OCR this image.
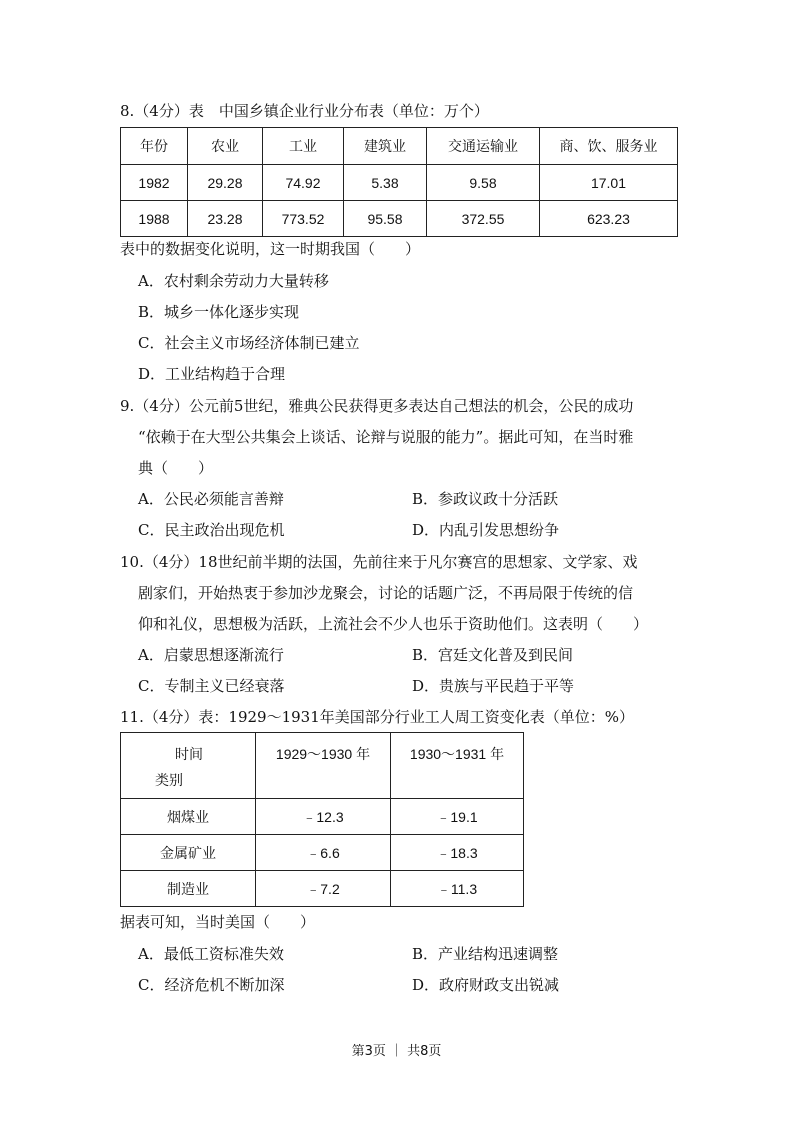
8.（4分）表　中国乡镇企业行业分布表（单位：万个）
年份	农业	工业	建筑业	交通运输业	商、饮、服务业
1982	29.28	74.92	5.38	9.58	17.01
1988	23.28	773.52	95.58	372.55	623.23
表中的数据变化说明，这一时期我国（　　）
A．农村剩余劳动力大量转移
B．城乡一体化逐步实现
C．社会主义市场经济体制已建立
D．工业结构趋于合理
9.（4分）公元前5世纪，雅典公民获得更多表达自己想法的机会，公民的成功
“依赖于在大型公共集会上谈话、论辩与说服的能力”。据此可知，在当时雅
典（　　）
A．公民必须能言善辩	B．参政议政十分活跃
C．民主政治出现危机	D．内乱引发思想纷争
10.（4分）18世纪前半期的法国，先前往来于凡尔赛宫的思想家、文学家、戏
剧家们，开始热衷于参加沙龙聚会，讨论的话题广泛，不再局限于传统的信
仰和礼仪，思想极为活跃，上流社会不少人也乐于资助他们。这表明（　　）
A．启蒙思想逐渐流行	B．宫廷文化普及到民间
C．专制主义已经衰落	D．贵族与平民趋于平等
11.（4分）表：1929～1931年美国部分行业工人周工资变化表（单位：%）
时间
类别	1929～1930 年	1930～1931 年
烟煤业	﹣12.3	﹣19.1
金属矿业	﹣6.6	﹣18.3
制造业	﹣7.2	﹣11.3
据表可知，当时美国（　　）
A．最低工资标准失效	B．产业结构迅速调整
C．经济危机不断加深	D．政府财政支出锐减
第3页 ｜ 共8页
